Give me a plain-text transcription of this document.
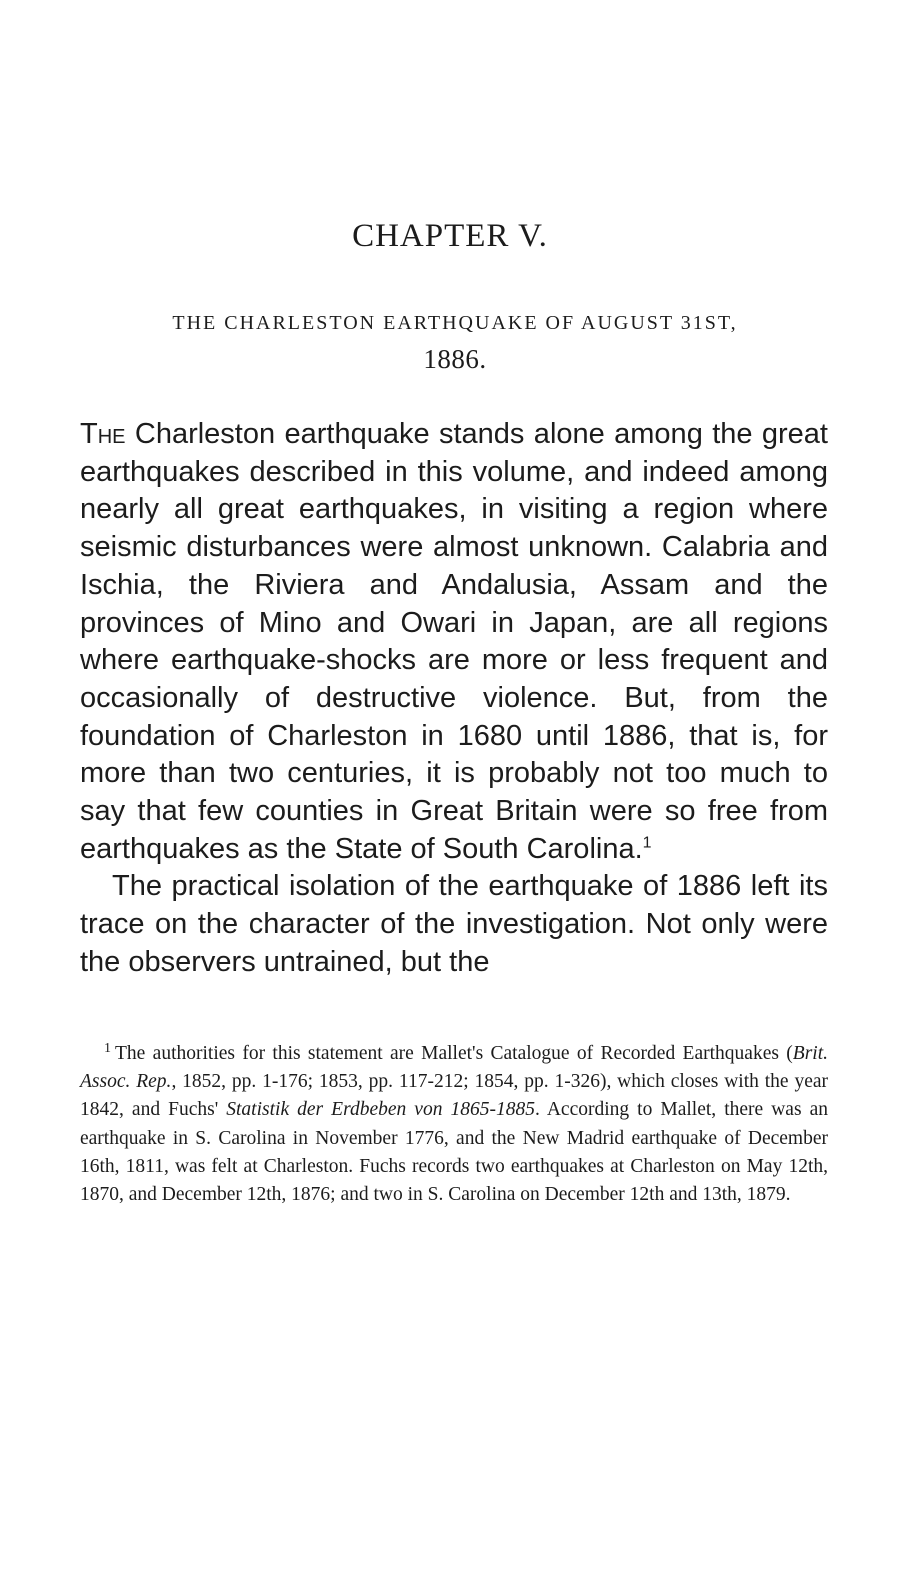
CHAPTER V.
THE CHARLESTON EARTHQUAKE OF AUGUST 31ST,
1886.

The Charleston earthquake stands alone among the great earthquakes described in this volume, and indeed among nearly all great earthquakes, in visiting a region where seismic disturbances were almost unknown. Calabria and Ischia, the Riviera and Andalusia, Assam and the provinces of Mino and Owari in Japan, are all regions where earthquake-shocks are more or less frequent and occasionally of destructive violence. But, from the foundation of Charleston in 1680 until 1886, that is, for more than two centuries, it is probably not too much to say that few counties in Great Britain were so free from earthquakes as the State of South Carolina.$^1$

The practical isolation of the earthquake of 1886 left its trace on the character of the investigation. Not only were the observers untrained, but the

1 The authorities for this statement are Mallet's Catalogue of Recorded Earthquakes (Brit. Assoc. Rep., 1852, pp. 1-176; 1853, pp. 117-212; 1854, pp. 1-326), which closes with the year 1842, and Fuchs' Statistik der Erdbeben von 1865-1885. According to Mallet, there was an earthquake in S. Carolina in November 1776, and the New Madrid earthquake of December 16th, 1811, was felt at Charleston. Fuchs records two earthquakes at Charleston on May 12th, 1870, and December 12th, 1876; and two in S. Carolina on December 12th and 13th, 1879.
